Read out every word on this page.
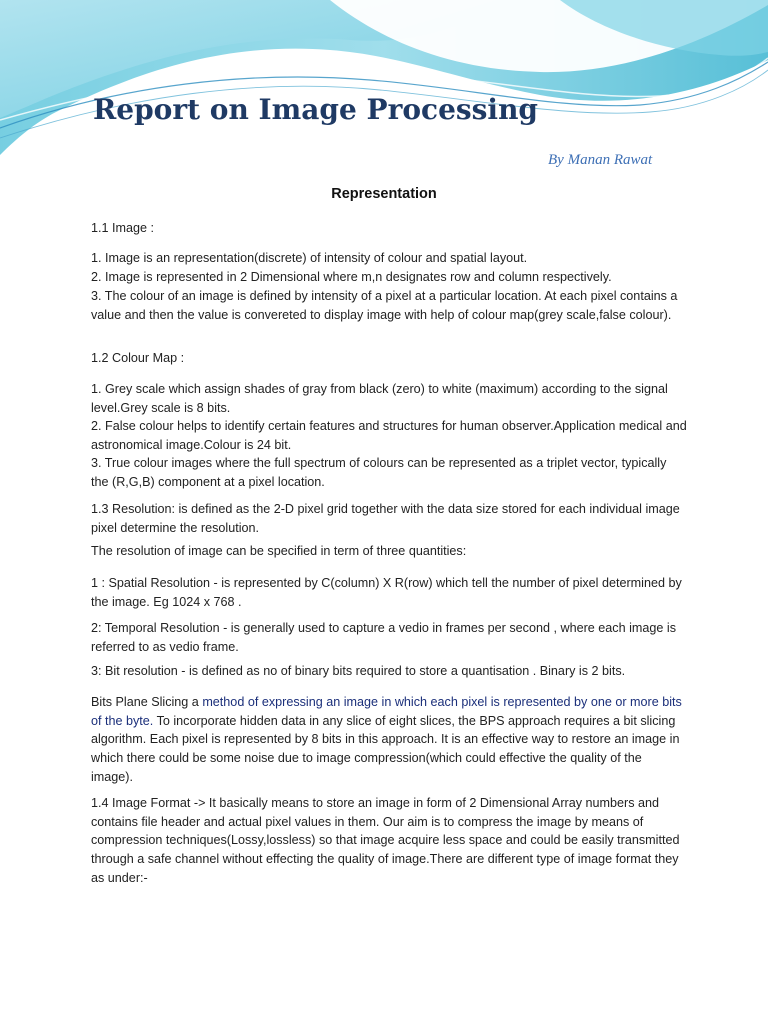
Report on Image Processing
By Manan Rawat
Representation
1.1 Image :
1. Image is an representation(discrete) of intensity of colour and spatial layout.
2. Image is represented in 2 Dimensional where m,n designates row and column respectively.
3. The colour of an image is defined by intensity of a pixel at a particular location. At each pixel contains a value and then the value is convereted to display image with help of colour map(grey scale,false colour).
1.2 Colour Map :
1. Grey scale which assign shades of gray from black (zero) to white (maximum) according to the signal level.Grey scale is 8 bits.
2. False colour helps to identify certain features and structures for human observer.Application medical and astronomical image.Colour is 24 bit.
3. True colour images where the full spectrum of colours can be represented as a triplet vector, typically the (R,G,B) component at a pixel location.
1.3 Resolution: is defined as the 2-D pixel grid together with the data size stored for each individual image pixel determine the resolution.
The resolution of image can be specified in term of three quantities:
1 : Spatial Resolution - is represented by C(column) X R(row) which tell the number of pixel determined by the image. Eg 1024 x 768 .
2: Temporal Resolution - is generally used to capture a vedio in frames per second , where each image is referred to as vedio frame.
3: Bit resolution - is defined as no of binary bits required to store a quantisation . Binary is 2 bits.
Bits Plane Slicing a method of expressing an image in which each pixel is represented by one or more bits of the byte. To incorporate hidden data in any slice of eight slices, the BPS approach requires a bit slicing algorithm. Each pixel is represented by 8 bits in this approach. It is an effective way to restore an image in which there could be some noise due to image compression(which could effective the quality of the image).
1.4 Image Format -> It basically means to store an image in form of 2 Dimensional Array numbers and contains file header and actual pixel values in them. Our aim is to compress the image by means of compression techniques(Lossy,lossless) so that image acquire less space and could be easily transmitted through a safe channel without effecting the quality of image.There are different type of image format they as under:-
